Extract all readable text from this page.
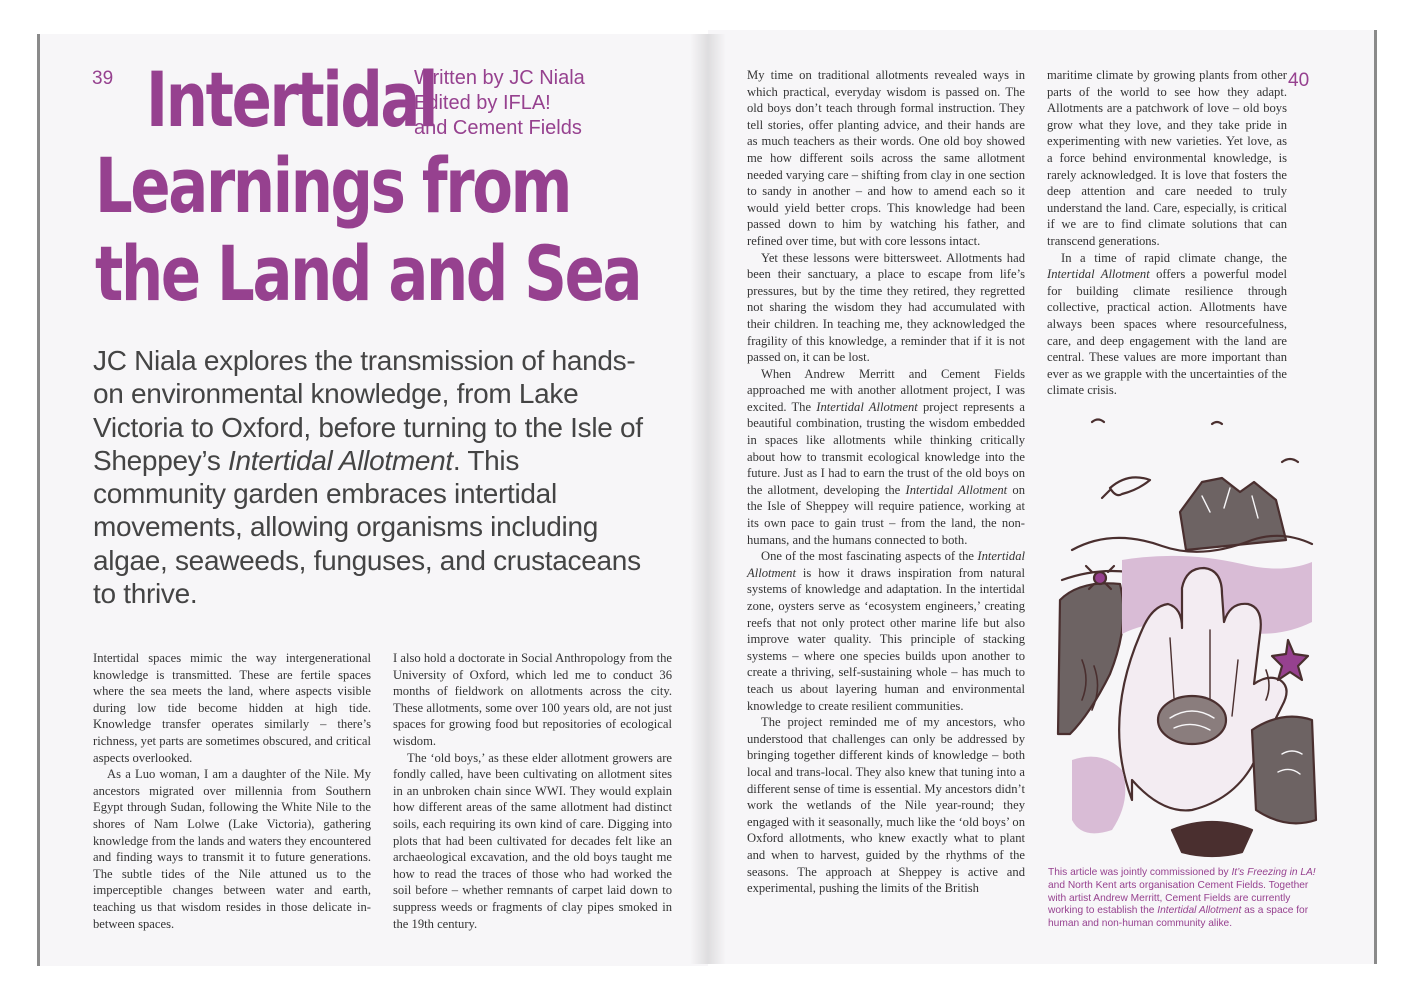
39	40
Intertidal
Learnings from
the Land and Sea
Written by JC Niala
Edited by IFLA!
and Cement Fields
JC Niala explores the transmission of hands-on environmental knowledge, from Lake Victoria to Oxford, before turning to the Isle of Sheppey’s Intertidal Allotment. This community garden embraces intertidal movements, allowing organisms including algae, seaweeds, funguses, and crustaceans to thrive.

Intertidal spaces mimic the way intergenerational knowledge is transmitted. These are fertile spaces where the sea meets the land, where aspects visible during low tide become hidden at high tide. Knowledge transfer operates similarly – there’s richness, yet parts are sometimes obscured, and critical aspects overlooked.

As a Luo woman, I am a daughter of the Nile. My ancestors migrated over millennia from Southern Egypt through Sudan, following the White Nile to the shores of Nam Lolwe (Lake Victoria), gathering knowledge from the lands and waters they encountered and finding ways to transmit it to future generations. The subtle tides of the Nile attuned us to the imperceptible changes between water and earth, teaching us that wisdom resides in those delicate in-between spaces.

I also hold a doctorate in Social Anthropology from the University of Oxford, which led me to conduct 36 months of fieldwork on allotments across the city. These allotments, some over 100 years old, are not just spaces for growing food but repositories of ecological wisdom.

The ‘old boys,’ as these elder allotment growers are fondly called, have been cultivating on allotment sites in an unbroken chain since WWI. They would explain how different areas of the same allotment had distinct soils, each requiring its own kind of care. Digging into plots that had been cultivated for decades felt like an archaeological excavation, and the old boys taught me how to read the traces of those who had worked the soil before – whether remnants of carpet laid down to suppress weeds or fragments of clay pipes smoked in the 19th century.

My time on traditional allotments revealed ways in which practical, everyday wisdom is passed on. The old boys don’t teach through formal instruction. They tell stories, offer planting advice, and their hands are as much teachers as their words. One old boy showed me how different soils across the same allotment needed varying care – shifting from clay in one section to sandy in another – and how to amend each so it would yield better crops. This knowledge had been passed down to him by watching his father, and refined over time, but with core lessons intact.

Yet these lessons were bittersweet. Allotments had been their sanctuary, a place to escape from life’s pressures, but by the time they retired, they regretted not sharing the wisdom they had accumulated with their children. In teaching me, they acknowledged the fragility of this knowledge, a reminder that if it is not passed on, it can be lost.

When Andrew Merritt and Cement Fields approached me with another allotment project, I was excited. The Intertidal Allotment project represents a beautiful combination, trusting the wisdom embedded in spaces like allotments while thinking critically about how to transmit ecological knowledge into the future. Just as I had to earn the trust of the old boys on the allotment, developing the Intertidal Allotment on the Isle of Sheppey will require patience, working at its own pace to gain trust – from the land, the non-humans, and the humans connected to both.

One of the most fascinating aspects of the Intertidal Allotment is how it draws inspiration from natural systems of knowledge and adaptation. In the intertidal zone, oysters serve as ‘ecosystem engineers,’ creating reefs that not only protect other marine life but also improve water quality. This principle of stacking systems – where one species builds upon another to create a thriving, self-sustaining whole – has much to teach us about layering human and environmental knowledge to create resilient communities.

The project reminded me of my ancestors, who understood that challenges can only be addressed by bringing together different kinds of knowledge – both local and trans-local. They also knew that tuning into a different sense of time is essential. My ancestors didn’t work the wetlands of the Nile year-round; they engaged with it seasonally, much like the ‘old boys’ on Oxford allotments, who knew exactly what to plant and when to harvest, guided by the rhythms of the seasons. The approach at Sheppey is active and experimental, pushing the limits of the British

maritime climate by growing plants from other parts of the world to see how they adapt. Allotments are a patchwork of love – old boys grow what they love, and they take pride in experimenting with new varieties. Yet love, as a force behind environmental knowledge, is rarely acknowledged. It is love that fosters the deep attention and care needed to truly understand the land. Care, especially, is critical if we are to find climate solutions that can transcend generations.

In a time of rapid climate change, the Intertidal Allotment offers a powerful model for building climate resilience through collective, practical action. Allotments have always been spaces where resourcefulness, care, and deep engagement with the land are central. These values are more important than ever as we grapple with the uncertainties of the climate crisis.

This article was jointly commissioned by It’s Freezing in LA! and North Kent arts organisation Cement Fields. Together with artist Andrew Merritt, Cement Fields are currently working to establish the Intertidal Allotment as a space for human and non-human community alike.
